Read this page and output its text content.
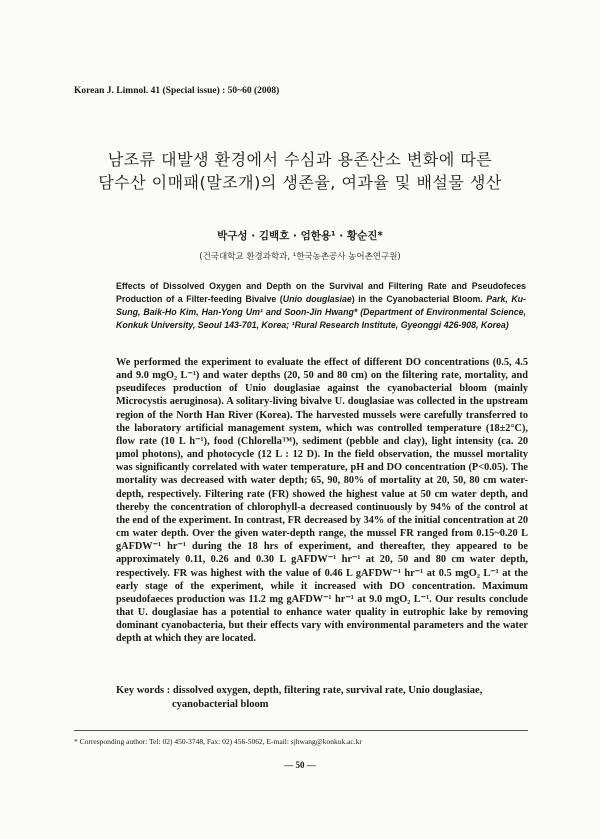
Korean J. Limnol. 41 (Special issue) : 50~60 (2008)
남조류 대발생 환경에서 수심과 용존산소 변화에 따른
담수산 이매패(말조개)의 생존율, 여과율 및 배설물 생산
박구성 · 김백호 · 엄한용¹ · 황순진*
(건국대학교 환경과학과, ¹한국농촌공사 농어촌연구원)
Effects of Dissolved Oxygen and Depth on the Survival and Filtering Rate and Pseudofeces Production of a Filter-feeding Bivalve (Unio douglasiae) in the Cyanobacterial Bloom. Park, Ku-Sung, Baik-Ho Kim, Han-Yong Um¹ and Soon-Jin Hwang* (Department of Environmental Science, Konkuk University, Seoul 143-701, Korea; ¹Rural Research Institute, Gyeonggi 426-908, Korea)

We performed the experiment to evaluate the effect of different DO concentrations (0.5, 4.5 and 9.0 mgO₂ L⁻¹) and water depths (20, 50 and 80 cm) on the filtering rate, mortality, and pseudifeces production of Unio douglasiae against the cyanobacterial bloom (mainly Microcystis aeruginosa). A solitary-living bivalve U. douglasiae was collected in the upstream region of the North Han River (Korea). The harvested mussels were carefully transferred to the laboratory artificial management system, which was controlled temperature (18±2°C), flow rate (10 L h⁻¹), food (Chlorella™), sediment (pebble and clay), light intensity (ca. 20 μmol photons), and photocycle (12 L : 12 D). In the field observation, the mussel mortality was significantly correlated with water temperature, pH and DO concentration (P<0.05). The mortality was decreased with water depth; 65, 90, 80% of mortality at 20, 50, 80 cm water-depth, respectively. Filtering rate (FR) showed the highest value at 50 cm water depth, and thereby the concentration of chlorophyll-a decreased continuously by 94% of the control at the end of the experiment. In contrast, FR decreased by 34% of the initial concentration at 20 cm water depth. Over the given water-depth range, the mussel FR ranged from 0.15~0.20 L gAFDW⁻¹ hr⁻¹ during the 18 hrs of experiment, and thereafter, they appeared to be approximately 0.11, 0.26 and 0.30 L gAFDW⁻¹ hr⁻¹ at 20, 50 and 80 cm water depth, respectively. FR was highest with the value of 0.46 L gAFDW⁻¹ hr⁻¹ at 0.5 mgO₂ L⁻¹ at the early stage of the experiment, while it increased with DO concentration. Maximum pseudofaeces production was 11.2 mg gAFDW⁻¹ hr⁻¹ at 9.0 mgO₂ L⁻¹. Our results conclude that U. douglasiae has a potential to enhance water quality in eutrophic lake by removing dominant cyanobacteria, but their effects vary with environmental parameters and the water depth at which they are located.

Key words : dissolved oxygen, depth, filtering rate, survival rate, Unio douglasiae,
cyanobacterial bloom
* Corresponding author: Tel: 02) 450-3748, Fax: 02) 456-5062, E-mail: sjhwang@konkuk.ac.kr
— 50 —
